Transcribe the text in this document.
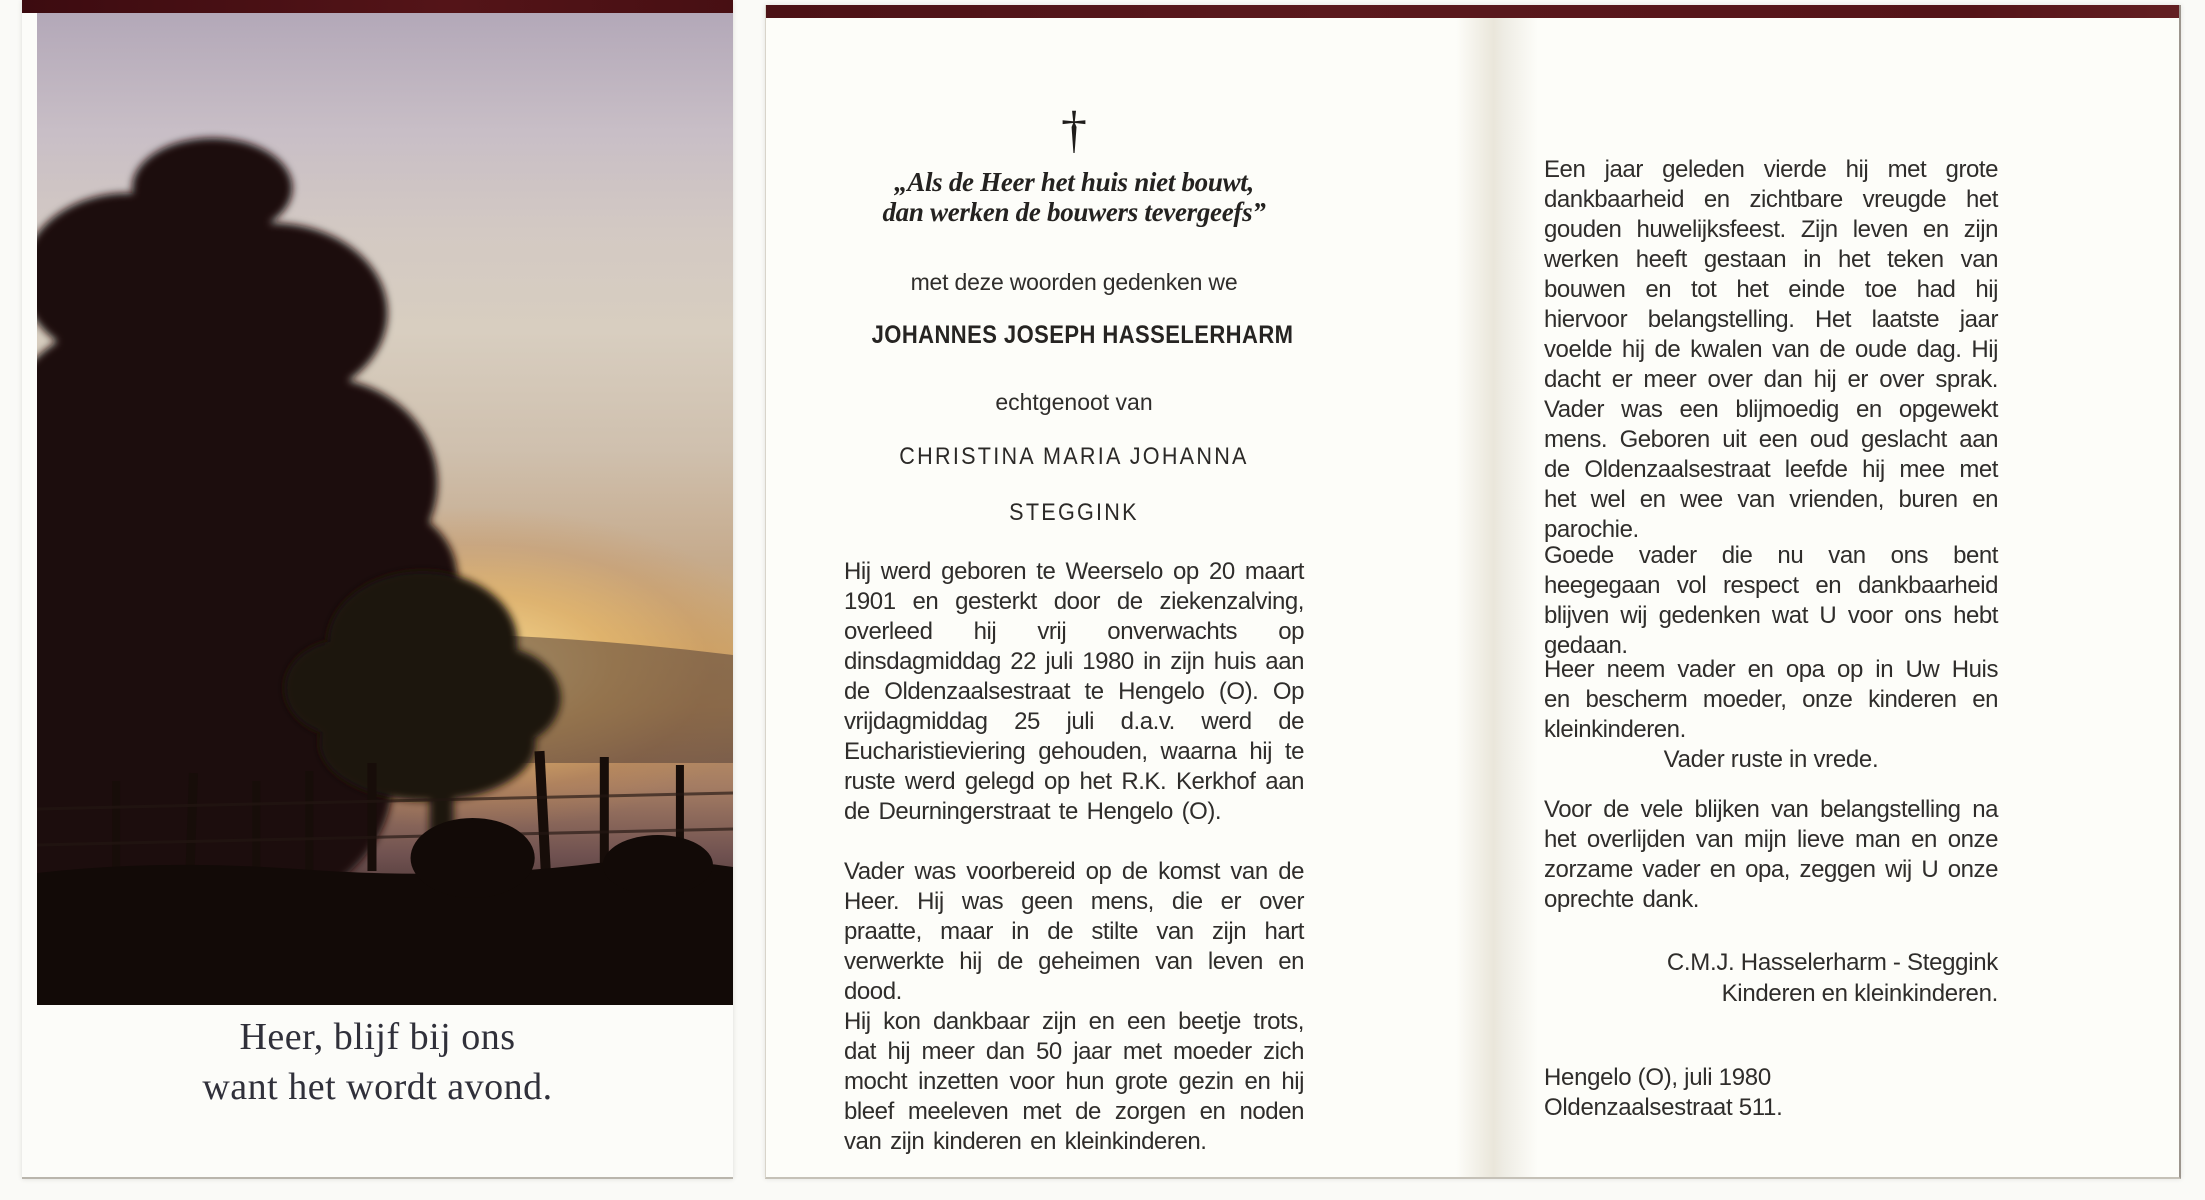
Heer, blijf bij ons
want het wordt avond.
†
„Als de Heer het huis niet bouwt,
dan werken de bouwers tevergeefs”
met deze woorden gedenken we
JOHANNES JOSEPH HASSELERHARM
echtgenoot van
CHRISTINA MARIA JOHANNA
STEGGINK
Hij werd geboren te Weerselo op 20 maart 1901 en gesterkt door de ziekenzalving, overleed hij vrij onverwachts op dinsdagmiddag 22 juli 1980 in zijn huis aan de Oldenzaalsestraat te Hengelo (O). Op vrijdagmiddag 25 juli d.a.v. werd de Eucharistieviering gehouden, waarna hij te ruste werd gelegd op het R.K. Kerkhof aan de Deurningerstraat te Hengelo (O).

Vader was voorbereid op de komst van de Heer. Hij was geen mens, die er over praatte, maar in de stilte van zijn hart verwerkte hij de geheimen van leven en dood.

Hij kon dankbaar zijn en een beetje trots, dat hij meer dan 50 jaar met moeder zich mocht inzetten voor hun grote gezin en hij bleef meeleven met de zorgen en noden van zijn kinderen en kleinkinderen.

Een jaar geleden vierde hij met grote dankbaarheid en zichtbare vreugde het gouden huwelijksfeest. Zijn leven en zijn werken heeft gestaan in het teken van bouwen en tot het einde toe had hij hiervoor belangstelling. Het laatste jaar voelde hij de kwalen van de oude dag. Hij dacht er meer over dan hij er over sprak. Vader was een blijmoedig en opgewekt mens. Geboren uit een oud geslacht aan de Oldenzaalsestraat leefde hij mee met het wel en wee van vrienden, buren en parochie.
Goede vader die nu van ons bent heegegaan vol respect en dankbaarheid blijven wij gedenken wat U voor ons hebt gedaan.
Heer neem vader en opa op in Uw Huis en bescherm moeder, onze kinderen en kleinkinderen.
Vader ruste in vrede.
Voor de vele blijken van belangstelling na het overlijden van mijn lieve man en onze zorzame vader en opa, zeggen wij U onze oprechte dank.
C.M.J. Hasselerharm - Steggink
Kinderen en kleinkinderen.
Hengelo (O), juli 1980
Oldenzaalsestraat 511.
